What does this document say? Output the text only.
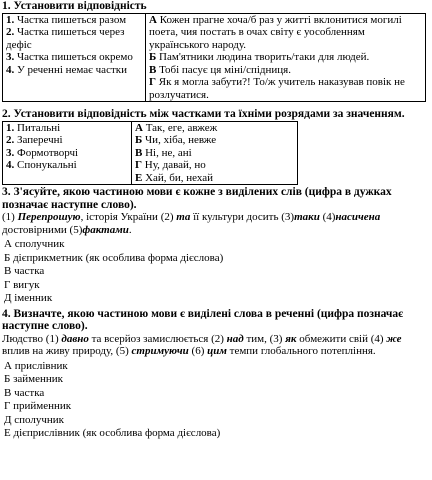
1. Установити відповідність

1. Частка пишеться разом
2. Частка пишеться через дефіс
3. Частка пишеться окремо
4. У реченні немає частки

А Кожен прагне хоча/б раз у житті вклонитися могилі поета, чия постать в очах світу є уособленням українського народу.
Б Пам'ятники людина творить/таки для людей.
В Тобі пасує ця міні/спідниця.
Г Як я могла забути?! То/ж учитель наказував повік не розлучатися.

2. Установити відповідність між частками та їхніми розрядами за значенням.

1. Питальні
2. Заперечні
3. Формотворчі
4. Спонукальні

А Так, еге, авжеж
Б Чи, хіба, невже
В Ні, не, ані
Г Ну, давай, но
Е Хай, би, нехай

3. З'ясуйте, якою частиною мови є кожне з виділених слів (цифра в дужках позначає наступне слово).

(1) Перепрошую, історія України (2) та її культури досить (3)таки (4)насичена достовірними (5)фактами.

А сполучник

Б дієприкметник (як особлива форма дієслова)

В частка

Г вигук

Д іменник

4. Визначте, якою частиною мови є виділені слова в реченні (цифра позначає наступне слово).

Людство (1) давно та всерйоз замислюється (2) над тим, (3) як обмежити свій (4) же вплив на живу природу, (5) стримуючи (6) цим темпи глобального потепління.

А прислівник

Б займенник

В частка

Г прийменник

Д сполучник

Е дієприслівник (як особлива форма дієслова)
